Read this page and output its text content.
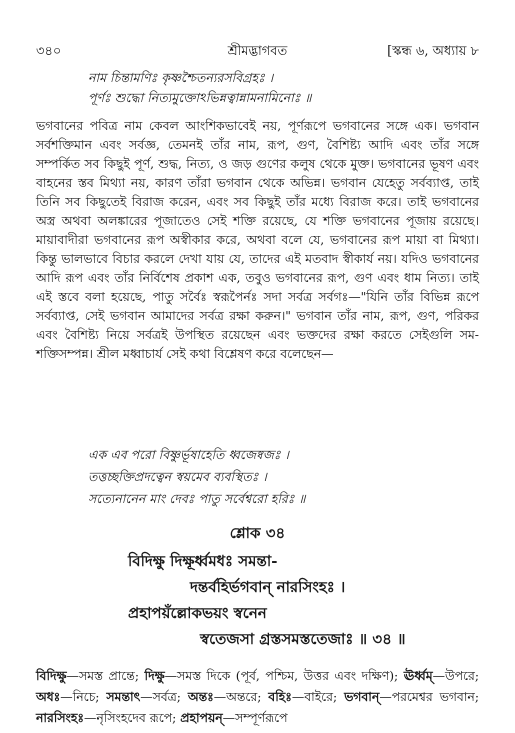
৩৪০	শ্রীমদ্ভাগবত	[স্কন্ধ ৬, অধ্যায় ৮
নাম চিন্তামণিঃ কৃষ্ণশ্চৈতন্যরসবিগ্রহঃ ।
পূর্ণঃ শুদ্ধো নিত্যমুক্তোঽভিন্নত্বান্নামনামিনোঃ ॥

ভগবানের পবিত্র নাম কেবল আংশিকভাবেই নয়, পূর্ণরূপে ভগবানের সঙ্গে এক। ভগবান সর্বশক্তিমান এবং সর্বজ্ঞ, তেমনই তাঁর নাম, রূপ, গুণ, বৈশিষ্ট্য আদি এবং তাঁর সঙ্গে সম্পর্কিত সব কিছুই পূর্ণ, শুদ্ধ, নিত্য, ও জড় গুণের কলুষ থেকে মুক্ত। ভগবানের ভূষণ এবং বাহনের স্তব মিথ্যা নয়, কারণ তাঁরা ভগবান থেকে অভিন্ন। ভগবান যেহেতু সর্বব্যাপ্ত, তাই তিনি সব কিছুতেই বিরাজ করেন, এবং সব কিছুই তাঁর মধ্যে বিরাজ করে। তাই ভগবানের অস্ত্র অথবা অলঙ্কারের পূজাতেও সেই শক্তি রয়েছে, যে শক্তি ভগবানের পূজায় রয়েছে। মায়াবাদীরা ভগবানের রূপ অস্বীকার করে, অথবা বলে যে, ভগবানের রূপ মায়া বা মিথ্যা। কিন্তু ভালভাবে বিচার করলে দেখা যায় যে, তাদের এই মতবাদ স্বীকার্য নয়। যদিও ভগবানের আদি রূপ এবং তাঁর নির্বিশেষ প্রকাশ এক, তবুও ভগবানের রূপ, গুণ এবং ধাম নিত্য। তাই এই স্তবে বলা হয়েছে, পাতু সর্বৈঃ স্বরূপৈর্নঃ সদা সর্বত্র সর্বগঃ—"যিনি তাঁর বিভিন্ন রূপে সর্বব্যাপ্ত, সেই ভগবান আমাদের সর্বত্র রক্ষা করুন।" ভগবান তাঁর নাম, রূপ, গুণ, পরিকর এবং বৈশিষ্ট্য নিয়ে সর্বত্রই উপস্থিত রয়েছেন এবং ভক্তদের রক্ষা করতে সেইগুলি সম-শক্তিসম্পন্ন। শ্রীল মধ্বাচার্য সেই কথা বিশ্লেষণ করে বলেছেন—

এক এব পরো বিষ্ণুর্ভূষাহেতি ধ্বজেষ্বজঃ ।
তত্তচ্ছক্তিপ্রদত্বেন স্বয়মেব ব্যবস্থিতঃ ।
সত্যেনানেন মাং দেবঃ পাতু সর্বেশ্বরো হরিঃ ॥
শ্লোক ৩৪
বিদিক্ষু দিক্ষূর্ধ্বমধঃ সমন্তা-
দন্তর্বহির্ভগবান্ নারসিংহঃ ।
প্রহাপয়ঁল্লোকভয়ং স্বনেন
স্বতেজসা গ্রস্তসমস্ততেজাঃ ॥ ৩৪ ॥
বিদিক্ষু—সমস্ত প্রান্তে; দিক্ষু—সমস্ত দিকে (পূর্ব, পশ্চিম, উত্তর এবং দক্ষিণ); ঊর্ধ্বম্—উপরে; অধঃ—নিচে; সমন্তাৎ—সর্বত্র; অন্তঃ—অন্তরে; বহিঃ—বাইরে; ভগবান্—পরমেশ্বর ভগবান; নারসিংহঃ—নৃসিংহদেব রূপে; প্রহাপয়ন্—সম্পূর্ণরূপে
